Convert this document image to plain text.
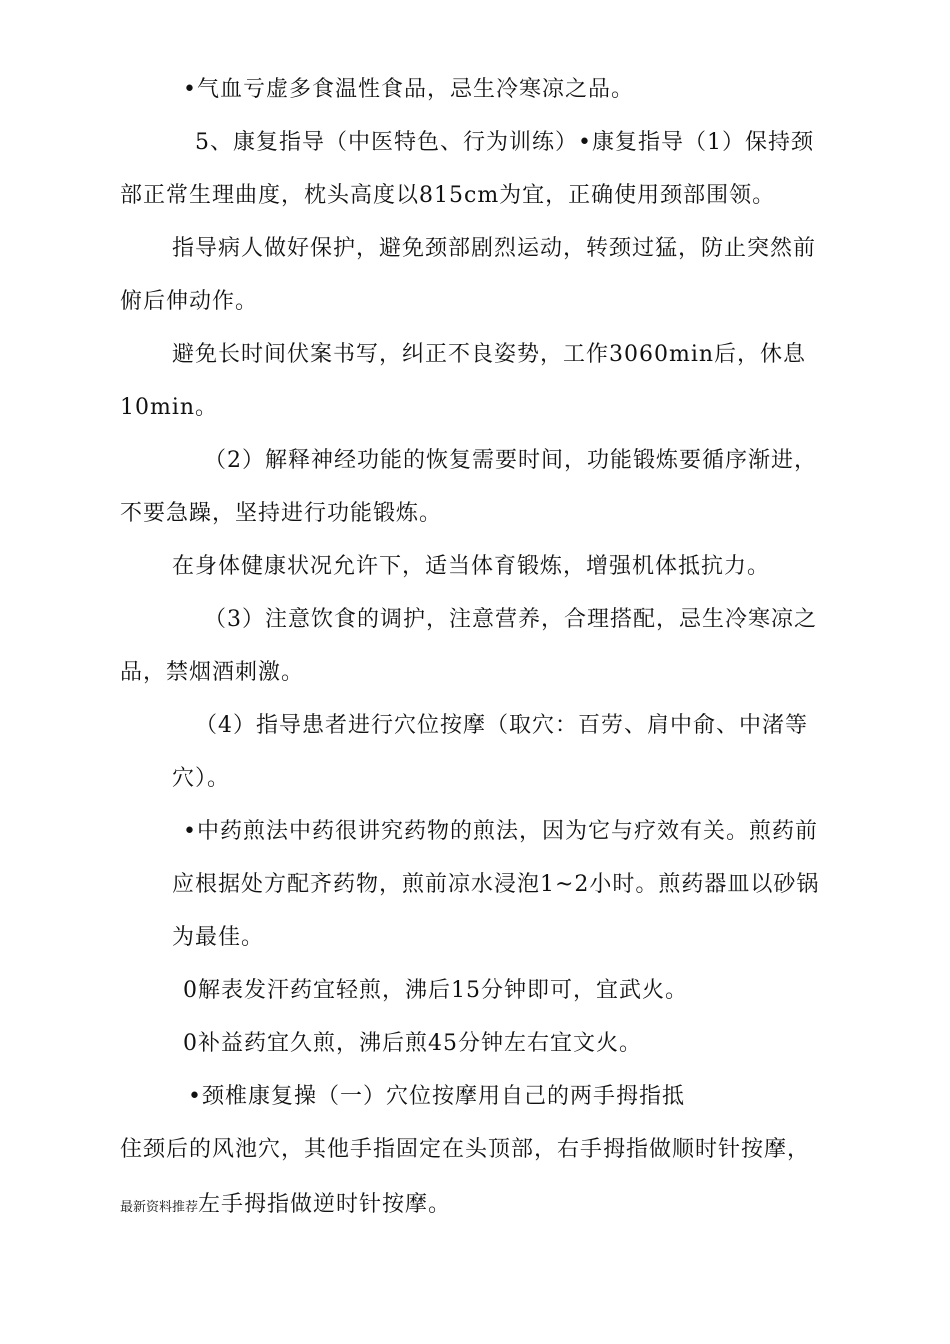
•气血亏虚多食温性食品，忌生冷寒凉之品。
5、康复指导（中医特色、行为训练）•康复指导（1）保持颈
部正常生理曲度，枕头高度以815cm为宜，正确使用颈部围领。
指导病人做好保护，避免颈部剧烈运动，转颈过猛，防止突然前
俯后伸动作。
避免长时间伏案书写，纠正不良姿势，工作3060min后，休息
10min。
（2）解释神经功能的恢复需要时间，功能锻炼要循序渐进，
不要急躁，坚持进行功能锻炼。
在身体健康状况允许下，适当体育锻炼，增强机体抵抗力。
（3）注意饮食的调护，注意营养，合理搭配，忌生冷寒凉之
品，禁烟酒刺激。
（4）指导患者进行穴位按摩（取穴：百劳、肩中俞、中渚等
穴）。
•中药煎法中药很讲究药物的煎法，因为它与疗效有关。煎药前
应根据处方配齐药物，煎前凉水浸泡1~2小时。煎药器皿以砂锅
为最佳。
0解表发汗药宜轻煎，沸后15分钟即可，宜武火。
0补益药宜久煎，沸后煎45分钟左右宜文火。
•颈椎康复操（一）穴位按摩用自己的两手拇指抵
住颈后的风池穴，其他手指固定在头顶部，右手拇指做顺时针按摩，
最新资料推荐左手拇指做逆时针按摩。
